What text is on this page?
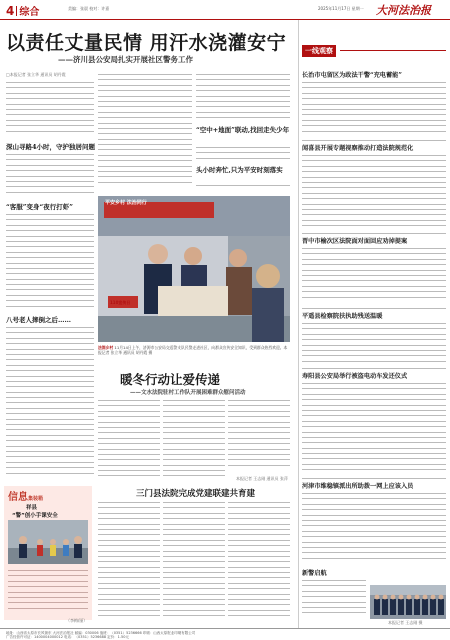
4 综合	美编：张晨 校对：许嘉	2025年11月17日 星期一 大河法治报
以责任丈量民情 用汗水浇灌安宁
——济川县公安局扎实开展社区警务工作
□本报记者 张立华 通讯员 胡丹霞
深山寻路4小时，守护独居问题
“客服”变身“夜行打虾”
八号老人摔倒之后……
“空中+地面”联动,找回走失少年
头小时奔忙,只为平安时刻落实
平安乡村 法治同行
110宣传日
法润乡村 11月14日上午，济源市公安局交巡警支队民警走进社区，向群众宣传安全知识，受到群众热烈欢迎。本报记者 张立华 通讯员 胡丹霞 摄
暖冬行动让爱传递
——文水法院驻村工作队开展困难群众慰问活动
本报记者 王志刚 通讯员 张萍
三门县法院完成党建联建共育建
信息集装箱
祥县
“警”创小手课安全
（李梅/丽）
一线观察
长治市屯留区为政法干警“充电蓄能”
闻喜县开展专题视察推动打造法院规范化
晋中市榆次区法院面对面回应劝掉提案
平遥县检察院扶执助残送温暖
寿阳县公安局举行被盗电动车发还仪式
河津市维稳镇派出所助拨一网上应该入员
新警启航
本报记者 王志刚 摄
地址：山西省太原市长风街东 大河法治报社 邮编：030006 值班：（0351）5236666 印刷：山西太原报业印刷有限公司
广告经营许可证：1400004000012 电话：（0351）5236688 定价：1.50元
